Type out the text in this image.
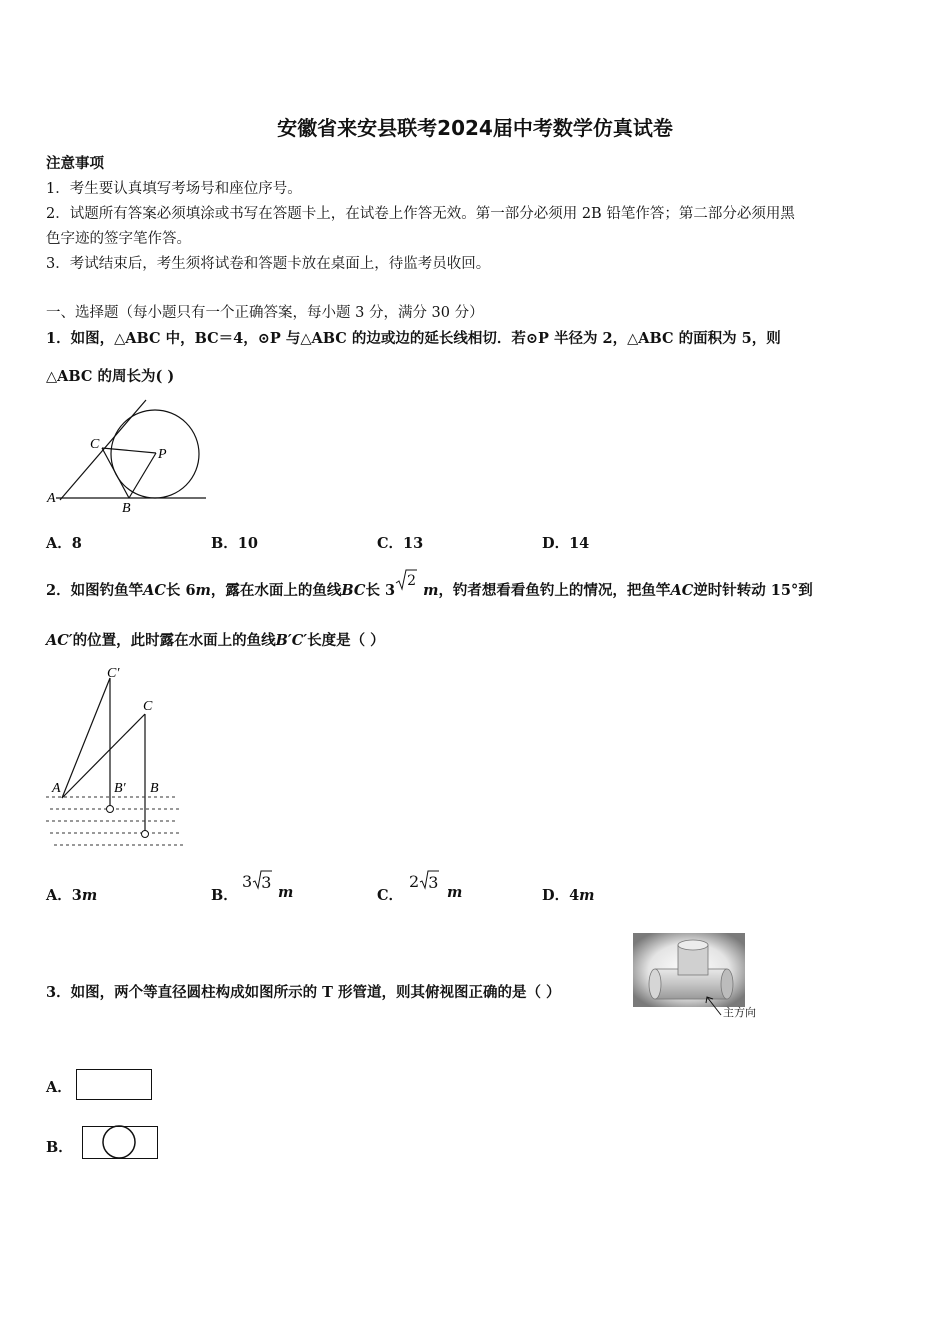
安徽省来安县联考2024届中考数学仿真试卷
注意事项
1．考生要认真填写考场号和座位序号。
2．试题所有答案必须填涂或书写在答题卡上，在试卷上作答无效。第一部分必须用 2B 铅笔作答；第二部分必须用黑
色字迹的签字笔作答。
3．考试结束后，考生须将试卷和答题卡放在桌面上，待监考员收回。
一、选择题（每小题只有一个正确答案，每小题 3 分，满分 30 分）
1．如图，△ABC 中，BC＝4，⊙P 与△ABC 的边或边的延长线相切．若⊙P 半径为 2，△ABC 的面积为 5，则
△ABC 的周长为( )
C
P
A
B
A．8	B．10	C．13	D．14
2．如图钓鱼竿AC长 6m，露在水面上的鱼线BC长 3
2
m，钓者想看看鱼钓上的情况，把鱼竿AC逆时针转动 15°到
AC′的位置，此时露在水面上的鱼线B′C′长度是（ ）
C′
C
A	B′ B
A．3m	B．
3 3
m	C．
2 3
m	D．4m
3．如图，两个等直径圆柱构成如图所示的 T 形管道，则其俯视图正确的是（ ）
主方向
A．
B．
